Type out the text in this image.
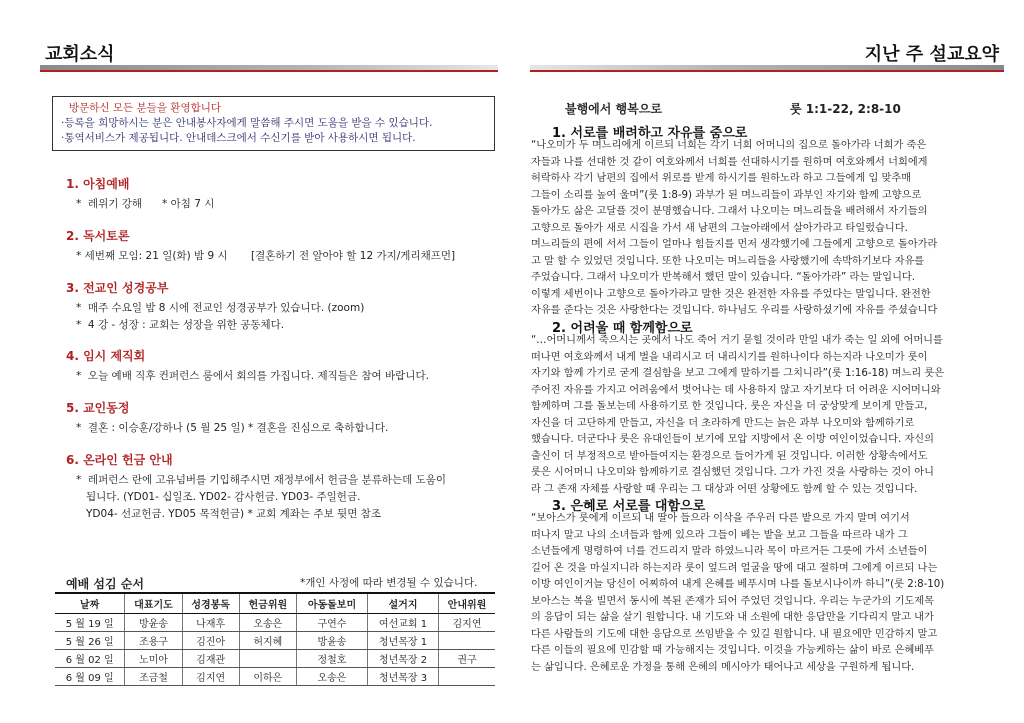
교회소식
방문하신 모든 분들을 환영합니다
·등록을 희망하시는 분은 안내봉사자에게 말씀해 주시면 도움을 받을 수 있습니다.
·통역서비스가 제공됩니다. 안내데스크에서 수신기를 받아 사용하시면 됩니다.
1. 아침예배
*  레위기 강해      * 아침 7 시
2. 독서토론
* 세번째 모임: 21 일(화) 밤 9 시       [결혼하기 전 알아야 할 12 가지/게리채프먼]
3. 전교인 성경공부
*  매주 수요일 밤 8 시에 전교인 성경공부가 있습니다. (zoom)
*  4 강 - 성장 : 교회는 성장을 위한 공동체다.
4. 임시 제직회
*  오늘 예배 직후 컨퍼런스 룸에서 회의를 가집니다. 제직들은 참여 바랍니다.
5. 교인동정
*  결혼 : 이승훈/강하나 (5 월 25 일) * 결혼을 진심으로 축하합니다.
6. 온라인 헌금 안내
*  레퍼런스 란에 고유넘버를 기입해주시면 재정부에서 헌금을 분류하는데 도움이
됩니다. (YD01- 십일조. YD02- 감사헌금. YD03- 주일헌금.
YD04- 선교헌금. YD05 목적헌금) * 교회 계좌는 주보 뒷면 참조
예배 섬김 순서	*개인 사정에 따라 변경될 수 있습니다.
날짜	대표기도	성경봉독	헌금위원	아동돌보미	설거지	안내위원
5 월 19 일	방윤송	나재후	오송은	구연수	여선교회 1	김지연
5 월 26 일	조용구	김진아	허지혜	방윤송	청년목장 1	
6 월 02 일	노미아	김재관		정철호	청년목장 2	권구
6 월 09 일	조금철	김지연	이하은	오송은	청년목장 3	
지난 주 설교요약
불행에서 행복으로	룻 1:1-22, 2:8-10
1. 서로를 배려하고 자유를 줌으로
“나오미가 두 며느리에게 이르되 너희는 각기 너희 어머니의 집으로 돌아가라 너희가 죽은
자들과 나를 선대한 것 같이 여호와께서 너희를 선대하시기를 원하며 여호와께서 너희에게
허락하사 각기 남편의 집에서 위로를 받게 하시기를 원하노라 하고 그들에게 입 맞추매
그들이 소리를 높여 울며”(룻 1:8-9) 과부가 된 며느리들이 과부인 자기와 함께 고향으로
돌아가도 삶은 고달플 것이 분명했습니다. 그래서 나오미는 며느리들을 배려해서 자기들의
고향으로 돌아가 새로 시집을 가서 새 남편의 그늘아래에서 살아가라고 타일렀습니다.
며느리들의 편에 서서 그들이 얼마나 힘들지를 먼저 생각했기에 그들에게 고향으로 돌아가라
고 말 할 수 있었던 것입니다. 또한 나오미는 며느리들을 사랑했기에 속박하기보다 자유를
주었습니다. 그래서 나오미가 반복해서 했던 말이 있습니다. “돌아가라” 라는 말입니다.
이렇게 세번이나 고향으로 돌아가라고 말한 것은 완전한 자유를 주었다는 말입니다. 완전한
자유를 준다는 것은 사랑한다는 것입니다. 하나님도 우리를 사랑하셨기에 자유를 주셨습니다
2. 어려울 때 함께함으로
“…어머니께서 죽으시는 곳에서 나도 죽어 거기 묻힐 것이라 만일 내가 죽는 일 외에 어머니를
떠나면 여호와께서 내게 벌을 내리시고 더 내리시기를 원하나이다 하는지라 나오미가 룻이
자기와 함께 가기로 굳게 결심함을 보고 그에게 말하기를 그치니라”(룻 1:16-18) 며느리 룻은
주어진 자유를 가지고 어려움에서 벗어나는 데 사용하지 않고 자기보다 더 어려운 시어머니와
함께하며 그를 돌보는데 사용하기로 한 것입니다. 룻은 자신을 더 궁상맞게 보이게 만들고,
자신을 더 고단하게 만들고, 자신을 더 초라하게 만드는 늙은 과부 나오미와 함께하기로
했습니다. 더군다나 룻은 유대인들이 보기에 모압 지방에서 온 이방 여인이었습니다. 자신의
출신이 더 부정적으로 받아들여지는 환경으로 들어가게 된 것입니다. 이러한 상황속에서도
룻은 시어머니 나오미와 함께하기로 결심했던 것입니다. 그가 가진 것을 사랑하는 것이 아니
라 그 존재 자체를 사랑할 때 우리는 그 대상과 어떤 상황에도 함께 할 수 있는 것입니다.
3. 은혜로 서로를 대함으로
“보아스가 룻에게 이르되 내 딸아 들으라 이삭을 주우러 다른 밭으로 가지 말며 여기서
떠나지 말고 나의 소녀들과 함께 있으라 그들이 베는 밭을 보고 그들을 따르라 내가 그
소년들에게 명령하여 너를 건드리지 말라 하였느니라 목이 마르거든 그릇에 가서 소년들이
길어 온 것을 마실지니라 하는지라 룻이 엎드려 얼굴을 땅에 대고 절하며 그에게 이르되 나는
이방 여인이거늘 당신이 어찌하여 내게 은혜를 베푸시며 나를 돌보시나이까 하니”(룻 2:8-10)
보아스는 복을 빌면서 동시에 복된 존재가 되어 주었던 것입니다. 우리는 누군가의 기도제목
의 응답이 되는 삶을 살기 원합니다. 내 기도와 내 소원에 대한 응답만을 기다리지 말고 내가
다른 사람들의 기도에 대한 응답으로 쓰임받을 수 있길 원합니다. 내 필요에만 민감하지 말고
다른 이들의 필요에 민감할 때 가능해지는 것입니다. 이것을 가능케하는 삶이 바로 은혜베푸
는 삶입니다. 은혜로운 가정을 통해 은혜의 메시아가 태어나고 세상을 구원하게 됩니다.
